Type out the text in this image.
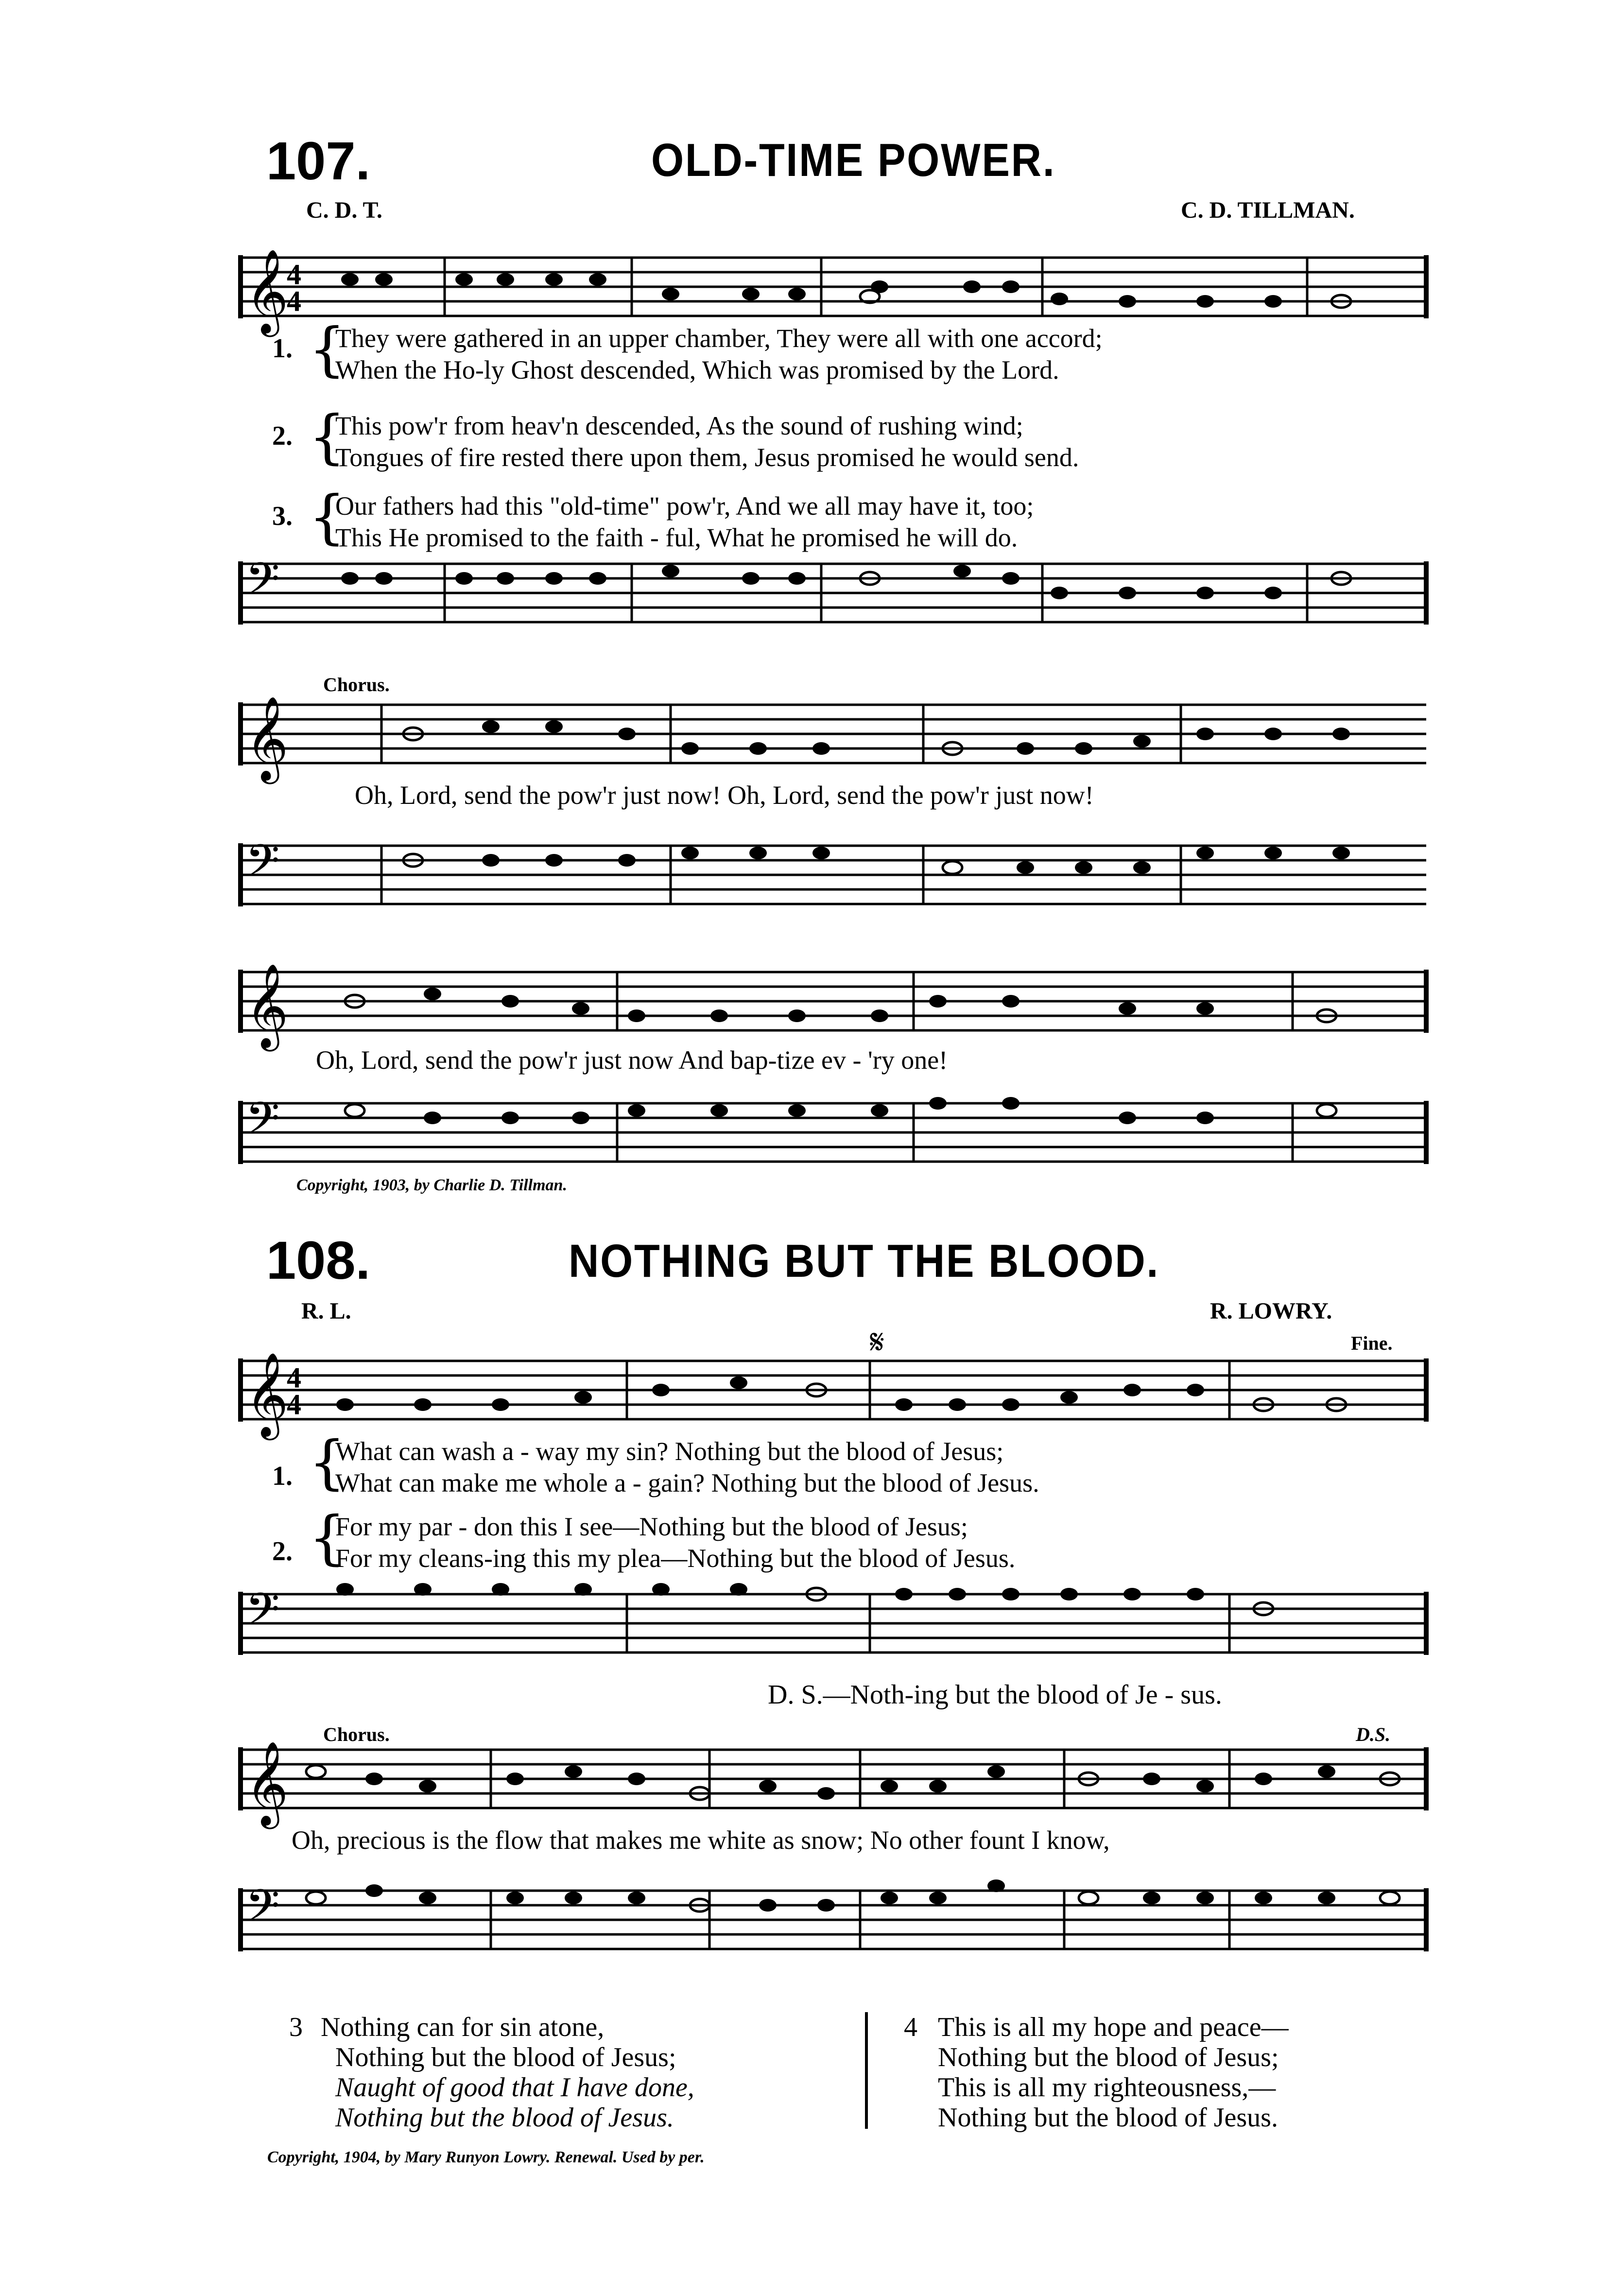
107.	OLD-TIME POWER.
C. D. T.	C. D. TILLMAN.
𝄞
4
4
1. {
They were gathered in an upper chamber, They were all with one accord;
When the Ho-ly Ghost descended, Which was promised by the Lord.
2. {
This pow'r from heav'n descended, As the sound of rushing wind;
Tongues of fire rested there upon them, Jesus promised he would send.
3. {
Our fathers had this "old-time" pow'r, And we all may have it, too;
This He promised to the faith - ful, What he promised he will do.
𝄢
Chorus.
𝄞
Oh, Lord, send the pow'r just now! Oh, Lord, send the pow'r just now!
𝄢
𝄞
Oh, Lord, send the pow'r just now And bap-tize ev - 'ry one!
𝄢
Copyright, 1903, by Charlie D. Tillman.
108.	NOTHING BUT THE BLOOD.
R. L.	R. LOWRY.
𝄋	Fine.
𝄞
4
4
1. {
What can wash a - way my sin? Nothing but the blood of Jesus;
What can make me whole a - gain? Nothing but the blood of Jesus.
2. {
For my par - don this I see—Nothing but the blood of Jesus;
For my cleans-ing this my plea—Nothing but the blood of Jesus.
𝄢
D. S.—Noth-ing but the blood of Je - sus.
Chorus.	D.S.
𝄞
Oh, precious is the flow that makes me white as snow; No other fount I know,
𝄢
3 Nothing can for sin atone,
Nothing but the blood of Jesus;
Naught of good that I have done,
Nothing but the blood of Jesus.
4 This is all my hope and peace—
Nothing but the blood of Jesus;
This is all my righteousness,—
Nothing but the blood of Jesus.
Copyright, 1904, by Mary Runyon Lowry. Renewal. Used by per.
